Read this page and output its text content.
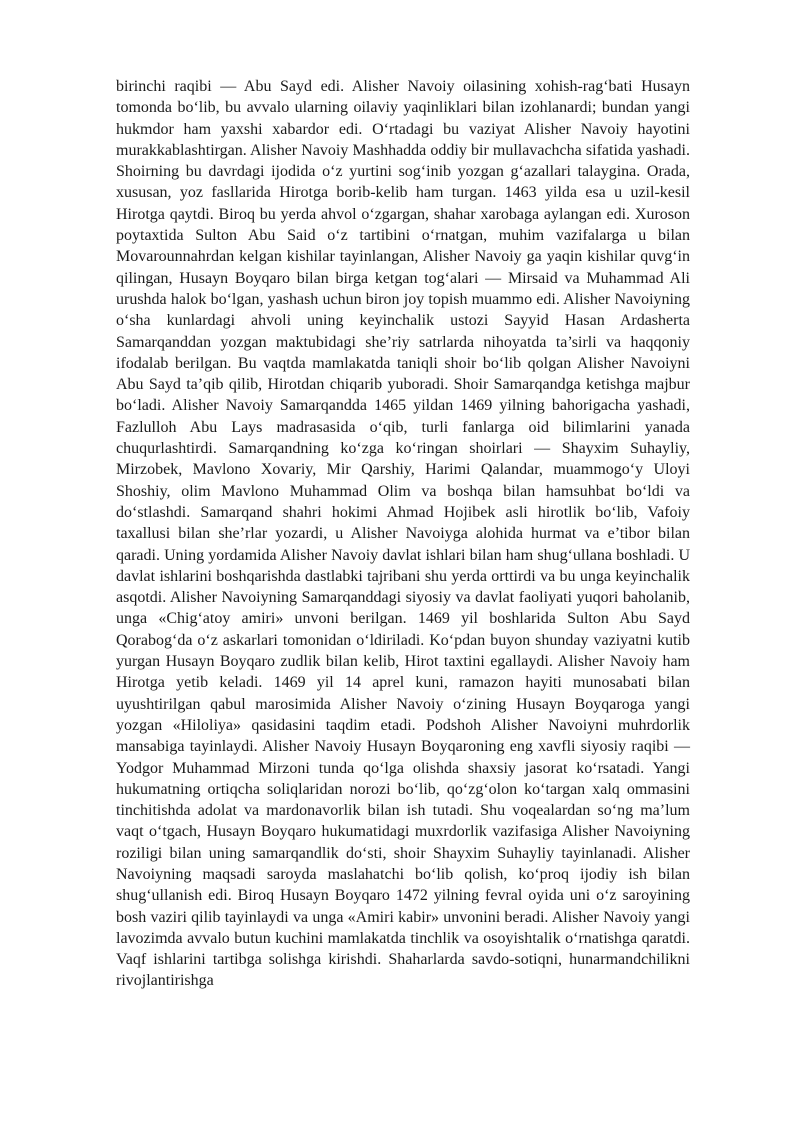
birinchi raqibi — Abu Sayd edi. Alisher Navoiy oilasining xohish-rag‘bati Husayn tomonda bo‘lib, bu avvalo ularning oilaviy yaqinliklari bilan izohlanardi; bundan yangi hukmdor ham yaxshi xabardor edi. O‘rtadagi bu vaziyat Alisher Navoiy hayotini murakkablashtirgan. Alisher Navoiy Mashhadda oddiy bir mullavachcha sifatida yashadi. Shoirning bu davrdagi ijodida o‘z yurtini sog‘inib yozgan g‘azallari talaygina. Orada, xususan, yoz fasllarida Hirotga borib-kelib ham turgan. 1463 yilda esa u uzil-kesil Hirotga qaytdi. Biroq bu yerda ahvol o‘zgargan, shahar xarobaga aylangan edi. Xuroson poytaxtida Sulton Abu Said o‘z tartibini o‘rnatgan, muhim vazifalarga u bilan Movarounnahrdan kelgan kishilar tayinlangan, Alisher Navoiy ga yaqin kishilar quvg‘in qilingan, Husayn Boyqaro bilan birga ketgan tog‘alari — Mirsaid va Muhammad Ali urushda halok bo‘lgan, yashash uchun biron joy topish muammo edi. Alisher Navoiyning o‘sha kunlardagi ahvoli uning keyinchalik ustozi Sayyid Hasan Ardasherta Samarqanddan yozgan maktubidagi she’riy satrlarda nihoyatda ta’sirli va haqqoniy ifodalab berilgan. Bu vaqtda mamlakatda taniqli shoir bo‘lib qolgan Alisher Navoiyni Abu Sayd ta’qib qilib, Hirotdan chiqarib yuboradi. Shoir Samarqandga ketishga majbur bo‘ladi. Alisher Navoiy Samarqandda 1465 yildan 1469 yilning bahorigacha yashadi, Fazlulloh Abu Lays madrasasida o‘qib, turli fanlarga oid bilimlarini yanada chuqurlashtirdi. Samarqandning ko‘zga ko‘ringan shoirlari — Shayxim Suhayliy, Mirzobek, Mavlono Xovariy, Mir Qarshiy, Harimi Qalandar, muammogo‘y Uloyi Shoshiy, olim Mavlono Muhammad Olim va boshqa bilan hamsuhbat bo‘ldi va do‘stlashdi. Samarqand shahri hokimi Ahmad Hojibek asli hirotlik bo‘lib, Vafoiy taxallusi bilan she’rlar yozardi, u Alisher Navoiyga alohida hurmat va e’tibor bilan qaradi. Uning yordamida Alisher Navoiy davlat ishlari bilan ham shug‘ullana boshladi. U davlat ishlarini boshqarishda dastlabki tajribani shu yerda orttirdi va bu unga keyinchalik asqotdi. Alisher Navoiyning Samarqanddagi siyosiy va davlat faoliyati yuqori baholanib, unga «Chig‘atoy amiri» unvoni berilgan. 1469 yil boshlarida Sulton Abu Sayd Qorabog‘da o‘z askarlari tomonidan o‘ldiriladi. Ko‘pdan buyon shunday vaziyatni kutib yurgan Husayn Boyqaro zudlik bilan kelib, Hirot taxtini egallaydi. Alisher Navoiy ham Hirotga yetib keladi. 1469 yil 14 aprel kuni, ramazon hayiti munosabati bilan uyushtirilgan qabul marosimida Alisher Navoiy o‘zining Husayn Boyqaroga yangi yozgan «Hiloliya» qasidasini taqdim etadi. Podshoh Alisher Navoiyni muhrdorlik mansabiga tayinlaydi. Alisher Navoiy Husayn Boyqaroning eng xavfli siyosiy raqibi — Yodgor Muhammad Mirzoni tunda qo‘lga olishda shaxsiy jasorat ko‘rsatadi. Yangi hukumatning ortiqcha soliqlaridan norozi bo‘lib, qo‘zg‘olon ko‘targan xalq ommasini tinchitishda adolat va mardonavorlik bilan ish tutadi. Shu voqealardan so‘ng ma’lum vaqt o‘tgach, Husayn Boyqaro hukumatidagi muxrdorlik vazifasiga Alisher Navoiyning roziligi bilan uning samarqandlik do‘sti, shoir Shayxim Suhayliy tayinlanadi. Alisher Navoiyning maqsadi saroyda maslahatchi bo‘lib qolish, ko‘proq ijodiy ish bilan shug‘ullanish edi. Biroq Husayn Boyqaro 1472 yilning fevral oyida uni o‘z saroyining bosh vaziri qilib tayinlaydi va unga «Amiri kabir» unvonini beradi. Alisher Navoiy yangi lavozimda avvalo butun kuchini mamlakatda tinchlik va osoyishtalik o‘rnatishga qaratdi. Vaqf ishlarini tartibga solishga kirishdi. Shaharlarda savdo-sotiqni, hunarmandchilikni rivojlantirishga
